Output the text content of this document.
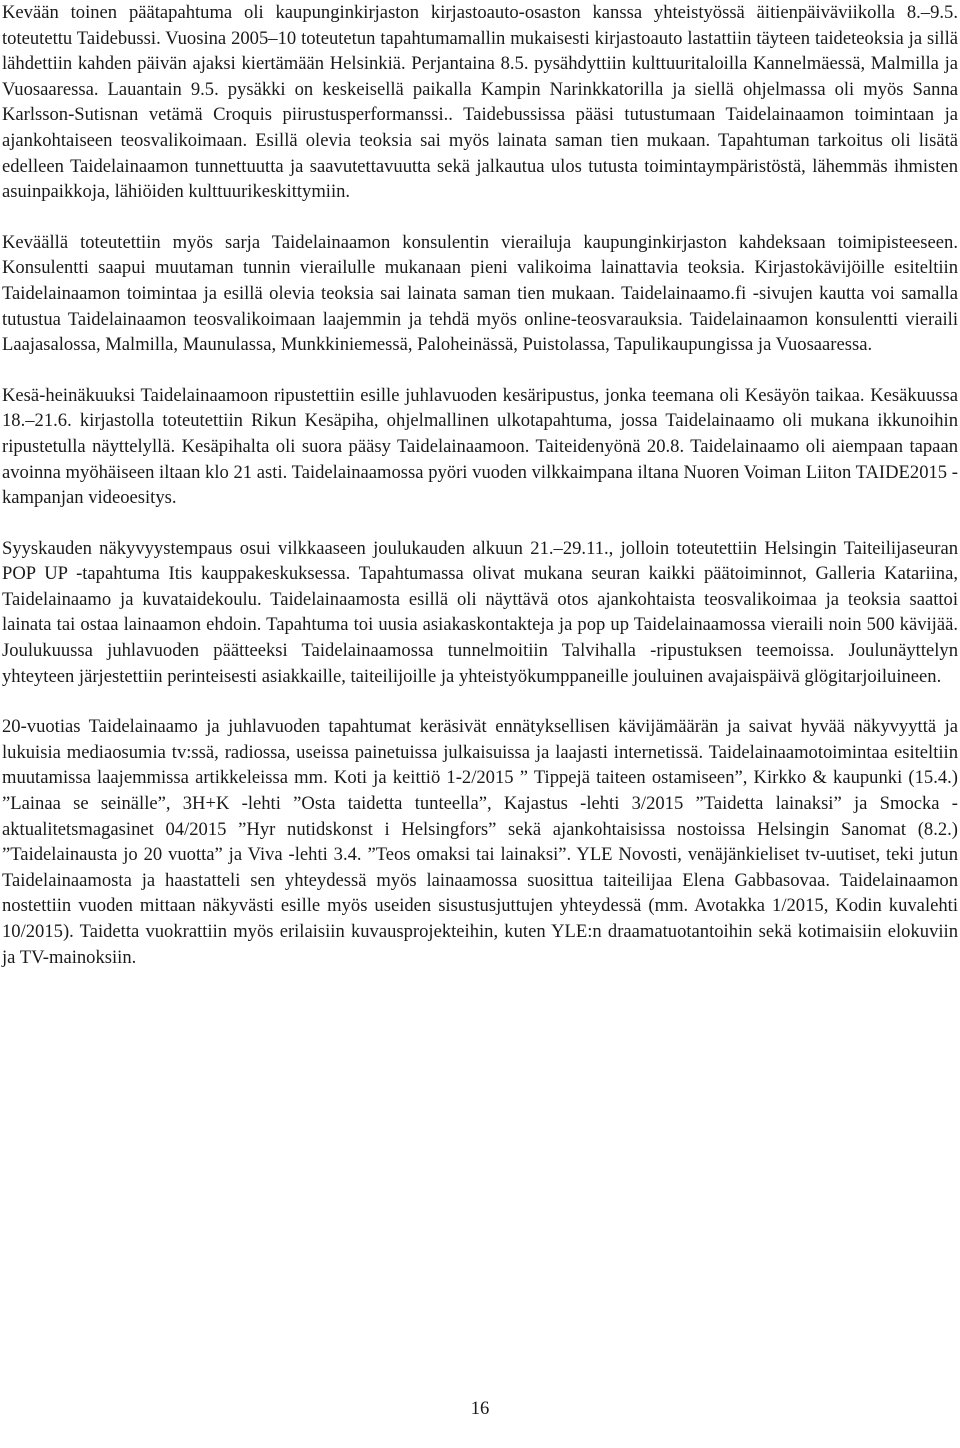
Kevään toinen päätapahtuma oli kaupunginkirjaston kirjastoauto-osaston kanssa yhteistyössä äitienpäiväviikolla 8.–9.5. toteutettu Taidebussi. Vuosina 2005–10 toteutetun tapahtumamallin mukaisesti kirjastoauto lastattiin täyteen taideteoksia ja sillä lähdettiin kahden päivän ajaksi kiertämään Helsinkiä. Perjantaina 8.5. pysähdyttiin kulttuuritaloilla Kannelmäessä, Malmilla ja Vuosaaressa. Lauantain 9.5. pysäkki on keskeisellä paikalla Kampin Narinkkatorilla ja siellä ohjelmassa oli myös Sanna Karlsson-Sutisnan vetämä Croquis piirustusperformanssi.. Taidebussissa pääsi tutustumaan Taidelainaamon toimintaan ja ajankohtaiseen teosvalikoimaan. Esillä olevia teoksia sai myös lainata saman tien mukaan. Tapahtuman tarkoitus oli lisätä edelleen Taidelainaamon tunnettuutta ja saavutettavuutta sekä jalkautua ulos tutusta toimintaympäristöstä, lähemmäs ihmisten asuinpaikkoja, lähiöiden kulttuurikeskittymiin.

Keväällä toteutettiin myös sarja Taidelainaamon konsulentin vierailuja kaupunginkirjaston kahdeksaan toimipisteeseen. Konsulentti saapui muutaman tunnin vierailulle mukanaan pieni valikoima lainattavia teoksia. Kirjastokävijöille esiteltiin Taidelainaamon toimintaa ja esillä olevia teoksia sai lainata saman tien mukaan. Taidelainaamo.fi -sivujen kautta voi samalla tutustua Taidelainaamon teosvalikoimaan laajemmin ja tehdä myös online-teosvarauksia. Taidelainaamon konsulentti vieraili Laajasalossa, Malmilla, Maunulassa, Munkkiniemessä, Paloheinässä, Puistolassa, Tapulikaupungissa ja Vuosaaressa.

Kesä-heinäkuuksi Taidelainaamoon ripustettiin esille juhlavuoden kesäripustus, jonka teemana oli Kesäyön taikaa. Kesäkuussa 18.–21.6. kirjastolla toteutettiin Rikun Kesäpiha, ohjelmallinen ulkotapahtuma, jossa Taidelainaamo oli mukana ikkunoihin ripustetulla näyttelyllä. Kesäpihalta oli suora pääsy Taidelainaamoon. Taiteidenyönä 20.8. Taidelainaamo oli aiempaan tapaan avoinna myöhäiseen iltaan klo 21 asti. Taidelainaamossa pyöri vuoden vilkkaimpana iltana Nuoren Voiman Liiton TAIDE2015 -kampanjan videoesitys.

Syyskauden näkyvyystempaus osui vilkkaaseen joulukauden alkuun 21.–29.11., jolloin toteutettiin Helsingin Taiteilijaseuran POP UP -tapahtuma Itis kauppakeskuksessa. Tapahtumassa olivat mukana seuran kaikki päätoiminnot, Galleria Katariina, Taidelainaamo ja kuvataidekoulu. Taidelainaamosta esillä oli näyttävä otos ajankohtaista teosvalikoimaa ja teoksia saattoi lainata tai ostaa lainaamon ehdoin. Tapahtuma toi uusia asiakaskontakteja ja pop up Taidelainaamossa vieraili noin 500 kävijää. Joulukuussa juhlavuoden päätteeksi Taidelainaamossa tunnelmoitiin Talvihalla -ripustuksen teemoissa. Joulunäyttelyn yhteyteen järjestettiin perinteisesti asiakkaille, taiteilijoille ja yhteistyökumppaneille jouluinen avajaispäivä glögitarjoiluineen.

20-vuotias Taidelainaamo ja juhlavuoden tapahtumat keräsivät ennätyksellisen kävijämäärän ja saivat hyvää näkyvyyttä ja lukuisia mediaosumia tv:ssä, radiossa, useissa painetuissa julkaisuissa ja laajasti internetissä. Taidelainaamotoimintaa esiteltiin muutamissa laajemmissa artikkeleissa mm. Koti ja keittiö 1-2/2015 ” Tippejä taiteen ostamiseen”, Kirkko & kaupunki (15.4.) ”Lainaa se seinälle”, 3H+K -lehti ”Osta taidetta tunteella”, Kajastus -lehti 3/2015 ”Taidetta lainaksi” ja Smocka -aktualitetsmagasinet 04/2015 ”Hyr nutidskonst i Helsingfors” sekä ajankohtaisissa nostoissa Helsingin Sanomat (8.2.) ”Taidelainausta jo 20 vuotta” ja Viva -lehti 3.4. ”Teos omaksi tai lainaksi”. YLE Novosti, venäjänkieliset tv-uutiset, teki jutun Taidelainaamosta ja haastatteli sen yhteydessä myös lainaamossa suosittua taiteilijaa Elena Gabbasovaa. Taidelainaamon nostettiin vuoden mittaan näkyvästi esille myös useiden sisustusjuttujen yhteydessä (mm. Avotakka 1/2015, Kodin kuvalehti 10/2015). Taidetta vuokrattiin myös erilaisiin kuvausprojekteihin, kuten YLE:n draamatuotantoihin sekä kotimaisiin elokuviin ja TV-mainoksiin.

16
